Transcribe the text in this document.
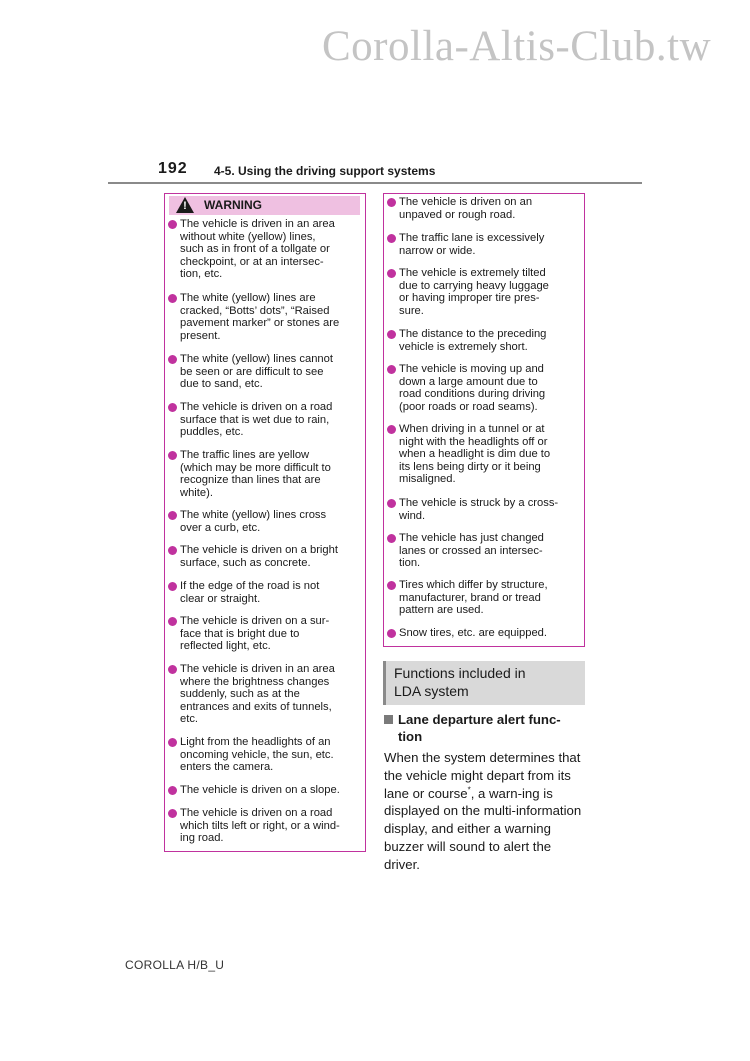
Corolla-Altis-Club.tw
192 4-5. Using the driving support systems
! WARNING
The vehicle is driven in an area
without white (yellow) lines,
such as in front of a tollgate or
checkpoint, or at an intersec-
tion, etc.
The white (yellow) lines are
cracked, “Botts’ dots”, “Raised
pavement marker” or stones are
present.
The white (yellow) lines cannot
be seen or are difficult to see
due to sand, etc.
The vehicle is driven on a road
surface that is wet due to rain,
puddles, etc.
The traffic lines are yellow
(which may be more difficult to
recognize than lines that are
white).
The white (yellow) lines cross
over a curb, etc.
The vehicle is driven on a bright
surface, such as concrete.
If the edge of the road is not
clear or straight.
The vehicle is driven on a sur-
face that is bright due to
reflected light, etc.
The vehicle is driven in an area
where the brightness changes
suddenly, such as at the
entrances and exits of tunnels,
etc.
Light from the headlights of an
oncoming vehicle, the sun, etc.
enters the camera.
The vehicle is driven on a slope.
The vehicle is driven on a road
which tilts left or right, or a wind-
ing road.
The vehicle is driven on an
unpaved or rough road.
The traffic lane is excessively
narrow or wide.
The vehicle is extremely tilted
due to carrying heavy luggage
or having improper tire pres-
sure.
The distance to the preceding
vehicle is extremely short.
The vehicle is moving up and
down a large amount due to
road conditions during driving
(poor roads or road seams).
When driving in a tunnel or at
night with the headlights off or
when a headlight is dim due to
its lens being dirty or it being
misaligned.
The vehicle is struck by a cross-
wind.
The vehicle has just changed
lanes or crossed an intersec-
tion.
Tires which differ by structure,
manufacturer, brand or tread
pattern are used.
Snow tires, etc. are equipped.
Functions included in
LDA system
Lane departure alert func-
tion
When the system determines that the vehicle might depart from its lane or course*, a warn-ing is displayed on the multi-information display, and either a warning buzzer will sound to alert the driver.
COROLLA H/B_U
